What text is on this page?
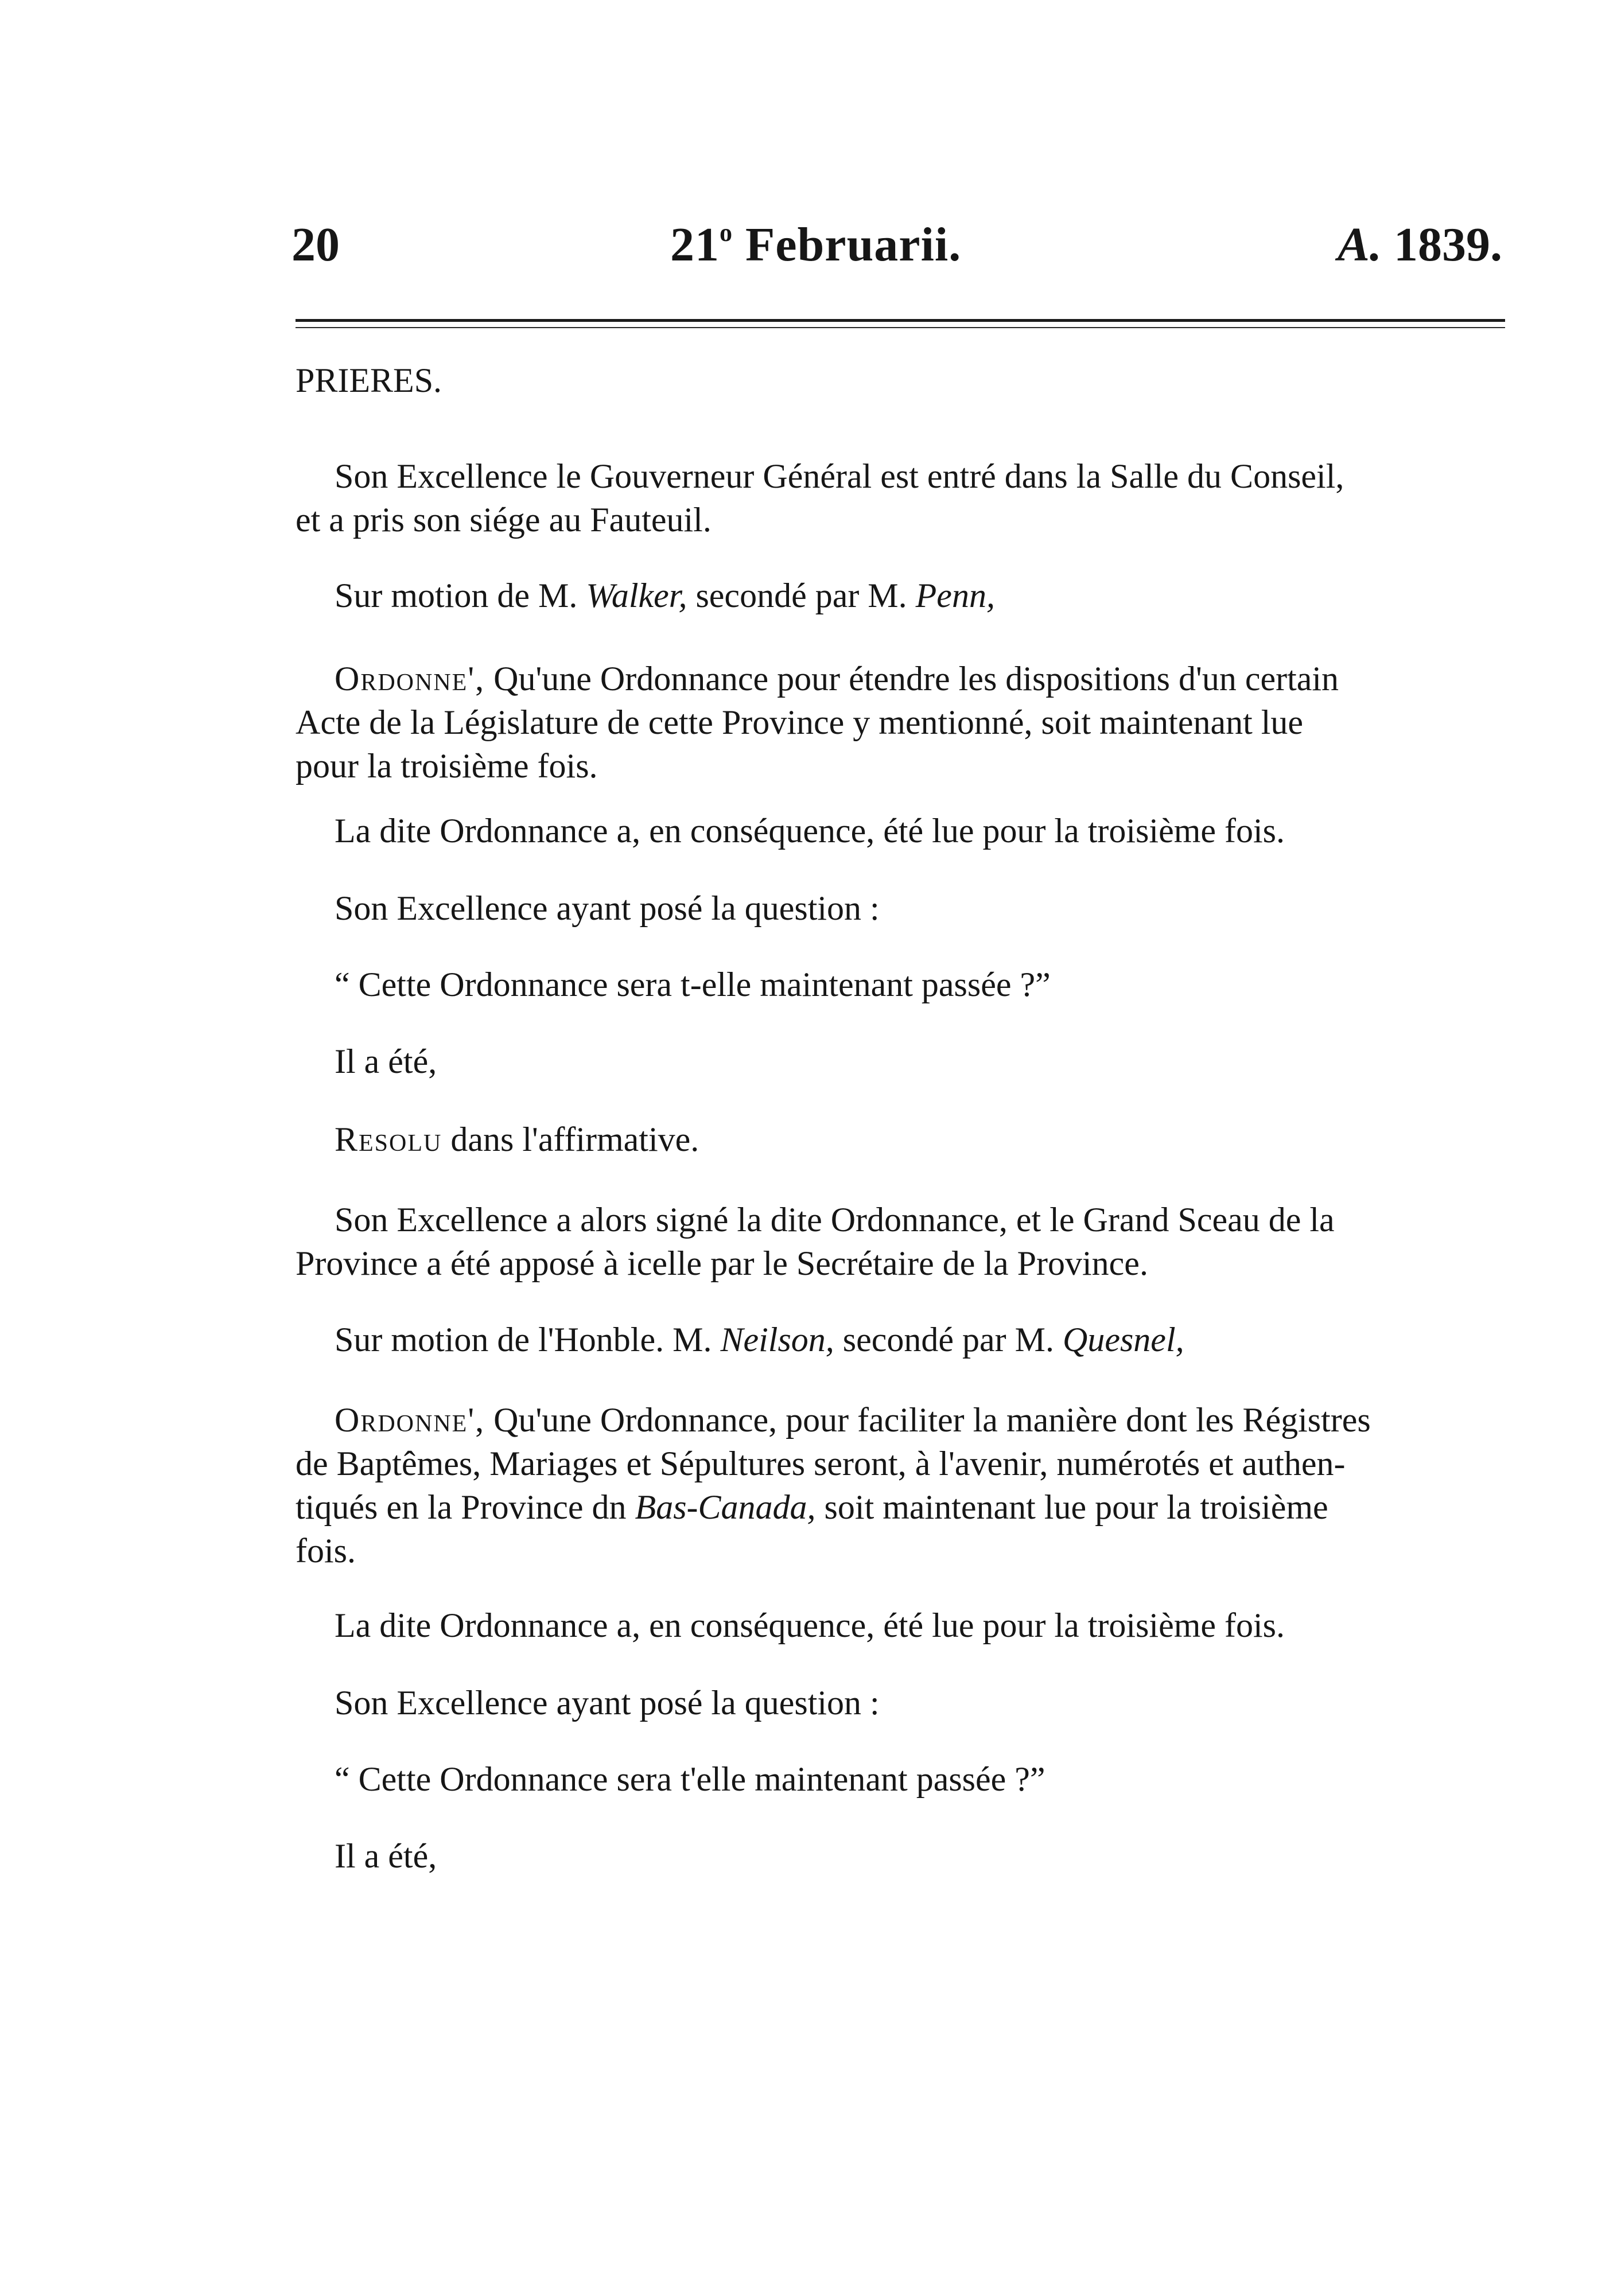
20	21$^o$ Februarii.	A. 1839.

PRIERES.

Son Excellence le Gouverneur Général est entré dans la Salle du Conseil,
et a pris son siége au Fauteuil.

Sur motion de M. Walker, secondé par M. Penn,

Ordonne', Qu'une Ordonnance pour étendre les dispositions d'un certain
Acte de la Législature de cette Province y mentionné, soit maintenant lue
pour la troisième fois.

La dite Ordonnance a, en conséquence, été lue pour la troisième fois.

Son Excellence ayant posé la question :

“ Cette Ordonnance sera t-elle maintenant passée ?”

Il a été,

Resolu dans l'affirmative.

Son Excellence a alors signé la dite Ordonnance, et le Grand Sceau de la
Province a été apposé à icelle par le Secrétaire de la Province.

Sur motion de l'Honble. M. Neilson, secondé par M. Quesnel,

Ordonne', Qu'une Ordonnance, pour faciliter la manière dont les Régistres
de Baptêmes, Mariages et Sépultures seront, à l'avenir, numérotés et authen-
tiqués en la Province dn Bas-Canada, soit maintenant lue pour la troisième
fois.

La dite Ordonnance a, en conséquence, été lue pour la troisième fois.

Son Excellence ayant posé la question :

“ Cette Ordonnance sera t'elle maintenant passée ?”

Il a été,
